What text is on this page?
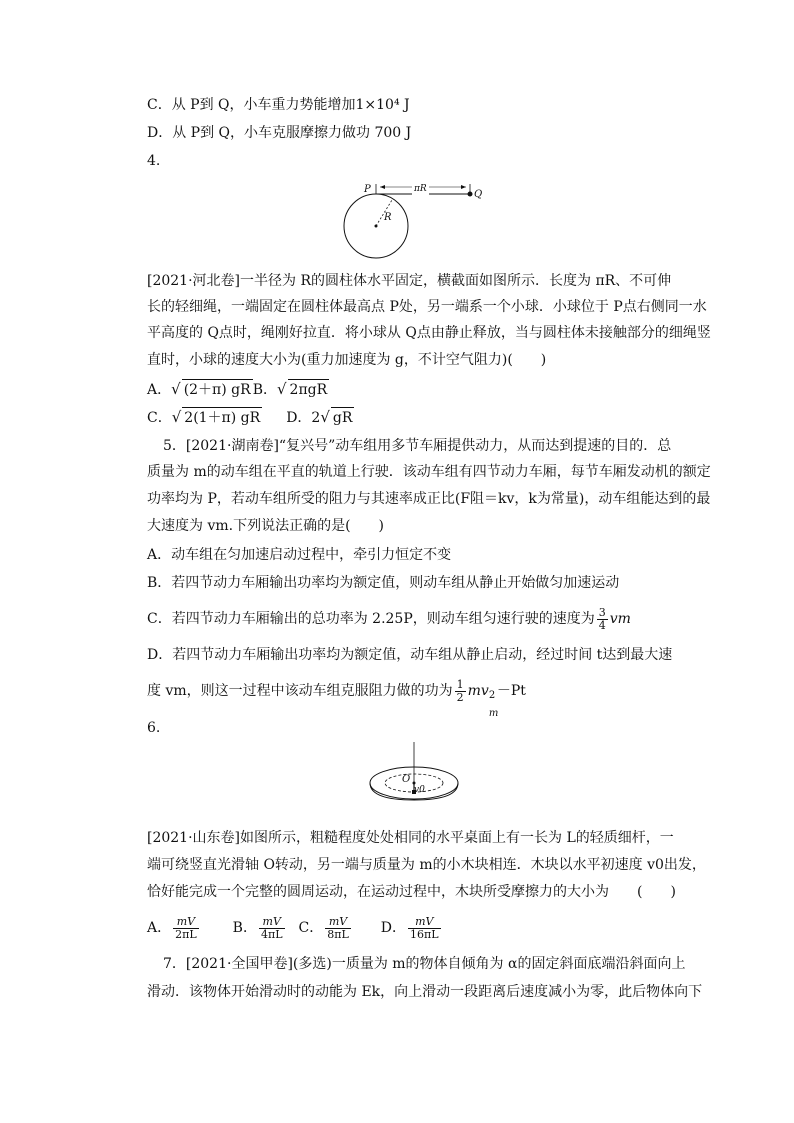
C．从 P到 Q，小车重力势能增加1×10⁴ J
D．从 P到 Q，小车克服摩擦力做功 700 J
4.
P	Q
πR
R
[2021·河北卷]一半径为 R的圆柱体水平固定，横截面如图所示．长度为 πR、不可伸
长的轻细绳，一端固定在圆柱体最高点 P处，另一端系一个小球．小球位于 P点右侧同一水
平高度的 Q点时，绳刚好拉直．将小球从 Q点由静止释放，当与圆柱体未接触部分的细绳竖
直时，小球的速度大小为(重力加速度为 g，不计空气阻力)(　　)
A．√ (2＋π) gR B．√ 2πgR
C．√ 2(1＋π) gR D．2√ gR
5．[2021·湖南卷]“复兴号”动车组用多节车厢提供动力，从而达到提速的目的．总
质量为 m的动车组在平直的轨道上行驶．该动车组有四节动力车厢，每节车厢发动机的额定
功率均为 P，若动车组所受的阻力与其速率成正比(F阻＝kv，k为常量)，动车组能达到的最
大速度为 vm.下列说法正确的是(　　)
A．动车组在匀加速启动过程中，牵引力恒定不变
B．若四节动力车厢输出功率均为额定值，则动车组从静止开始做匀加速运动
C．若四节动力车厢输出的总功率为 2.25P，则动车组匀速行驶的速度为 $\frac{3}{4}$ vm
D．若四节动力车厢输出功率均为额定值，动车组从静止启动，经过时间 t达到最大速
度 vm，则这一过程中该动车组克服阻力做的功为 $\frac{1}{2}$ mv 2
m
－Pt
6.
O
v0
[2021·山东卷]如图所示，粗糙程度处处相同的水平桌面上有一长为 L的轻质细杆，一
端可绕竖直光滑轴 O转动，另一端与质量为 m的小木块相连．木块以水平初速度 v0出发，
恰好能完成一个完整的圆周运动，在运动过程中，木块所受摩擦力的大小为　　(　　)
A． $\frac{mV}{2\pi L}$ B． $\frac{mV}{4\pi L}$ C． $\frac{mV}{8\pi L}$ D． $\frac{mV}{16\pi L}$
7．[2021·全国甲卷](多选)一质量为 m的物体自倾角为 α的固定斜面底端沿斜面向上
滑动．该物体开始滑动时的动能为 Ek，向上滑动一段距离后速度减小为零，此后物体向下
